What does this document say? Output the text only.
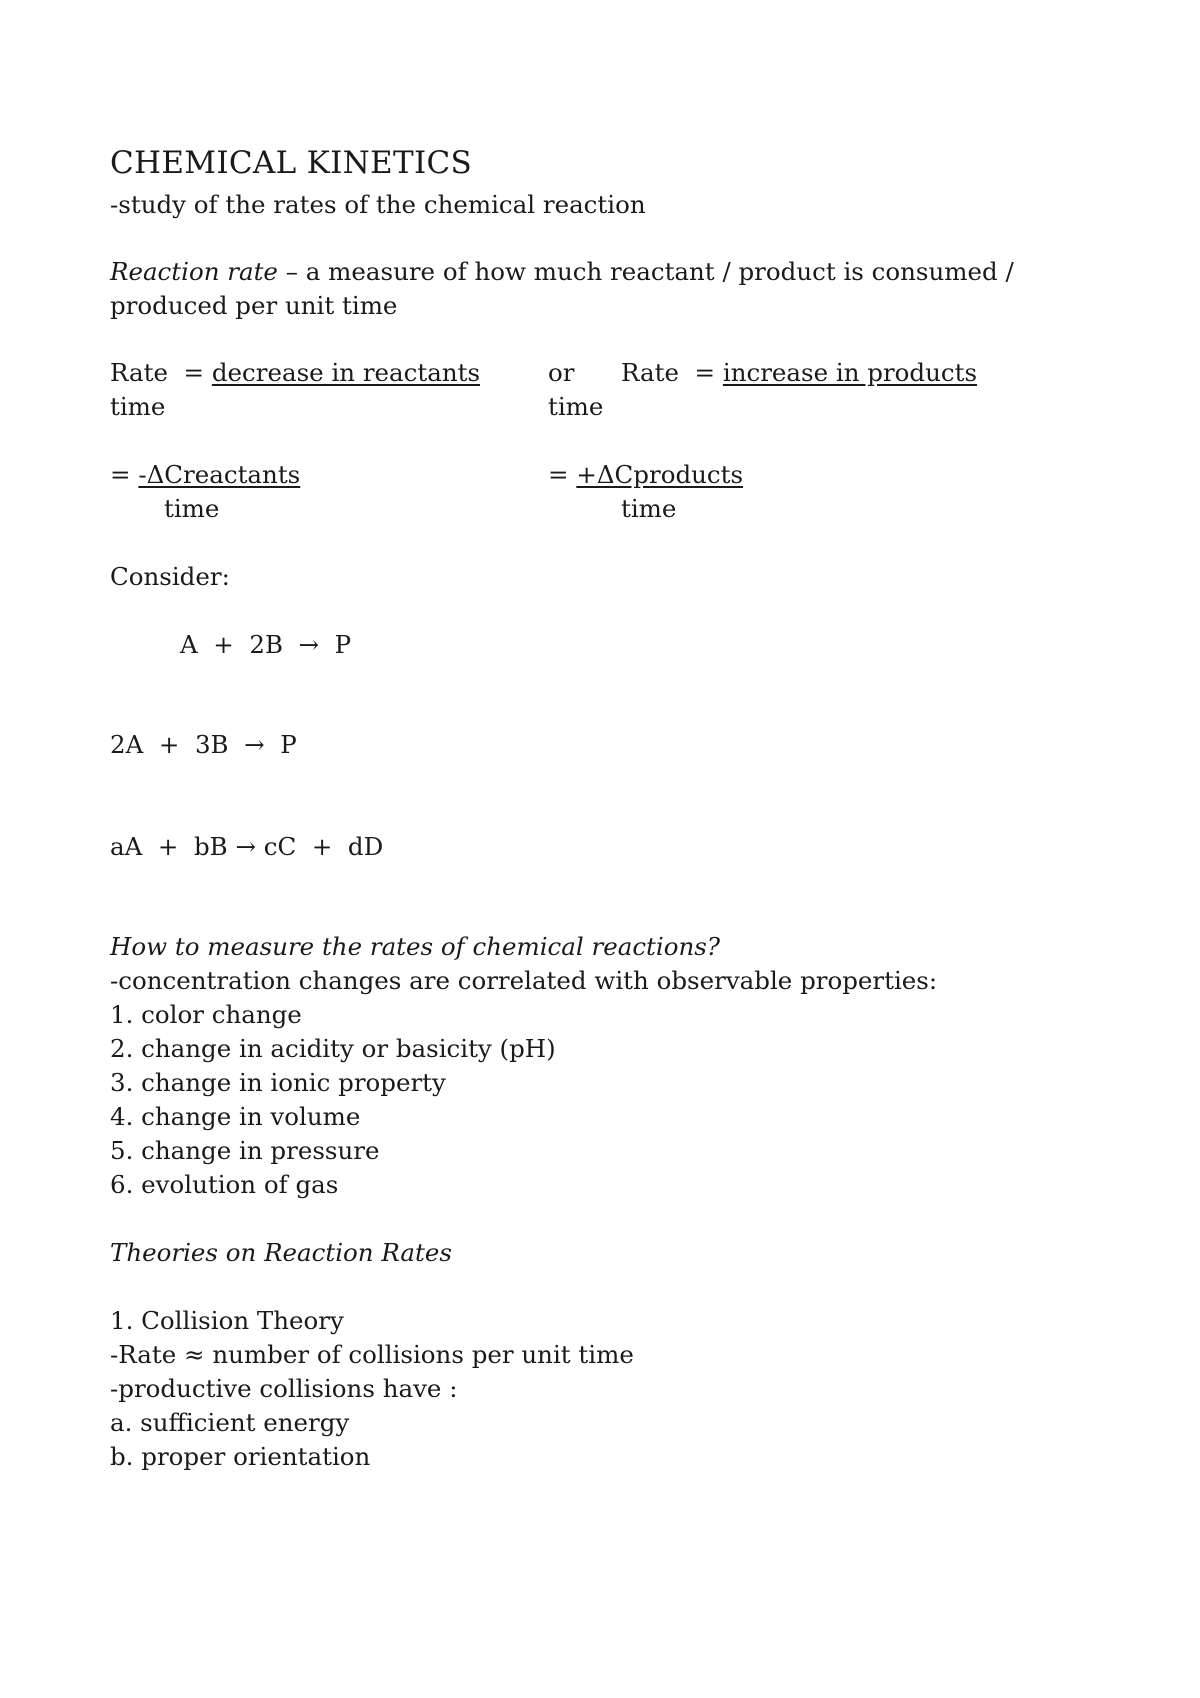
CHEMICAL KINETICS
-study of the rates of the chemical reaction
Reaction rate – a measure of how much reactant / product is consumed /
produced per unit time
Rate  = decrease in reactants	or Rate  = increase in products
time	time
= -ΔCreactants	= +ΔCproducts
time	time
Consider:
A  +  2B  →  P
2A  +  3B  →  P
aA  +  bB → cC  +  dD
How to measure the rates of chemical reactions?
-concentration changes are correlated with observable properties:
1. color change
2. change in acidity or basicity (pH)
3. change in ionic property
4. change in volume
5. change in pressure
6. evolution of gas
Theories on Reaction Rates
1. Collision Theory
-Rate ≈ number of collisions per unit time
-productive collisions have :
a. sufficient energy
b. proper orientation
